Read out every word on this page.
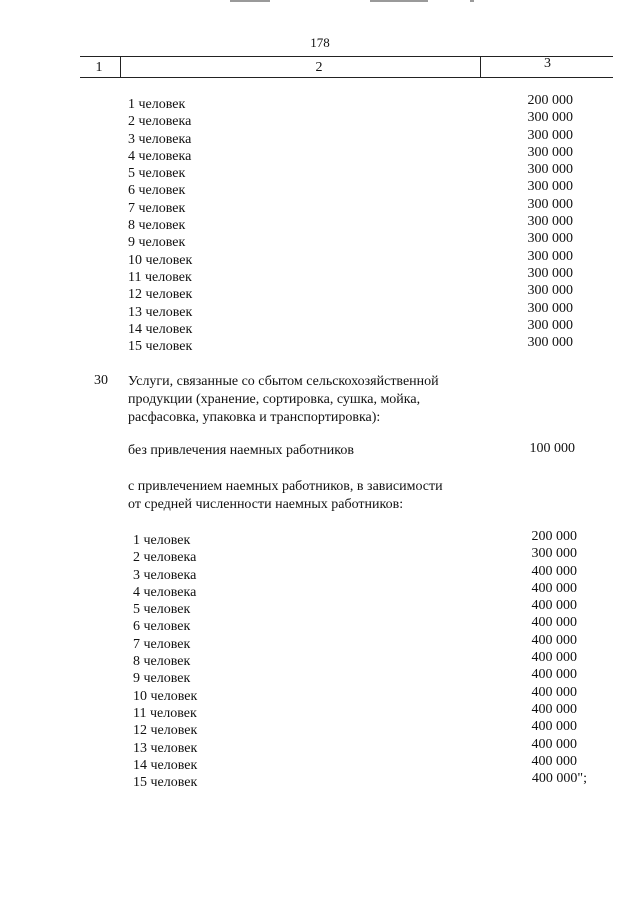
178
1	2	3
1 человек	200 000
2 человека	300 000
3 человека	300 000
4 человека	300 000
5 человек	300 000
6 человек	300 000
7 человек	300 000
8 человек	300 000
9 человек	300 000
10 человек	300 000
11 человек	300 000
12 человек	300 000
13 человек	300 000
14 человек	300 000
15 человек	300 000
30 Услуги, связанные со сбытом сельскохозяйственной
продукции (хранение, сортировка, сушка, мойка,
расфасовка, упаковка и транспортировка):
без привлечения наемных работников	100 000
с привлечением наемных работников, в зависимости
от средней численности наемных работников:
1 человек	200 000
2 человека	300 000
3 человека	400 000
4 человека	400 000
5 человек	400 000
6 человек	400 000
7 человек	400 000
8 человек	400 000
9 человек	400 000
10 человек	400 000
11 человек	400 000
12 человек	400 000
13 человек	400 000
14 человек	400 000
15 человек	400 000";
